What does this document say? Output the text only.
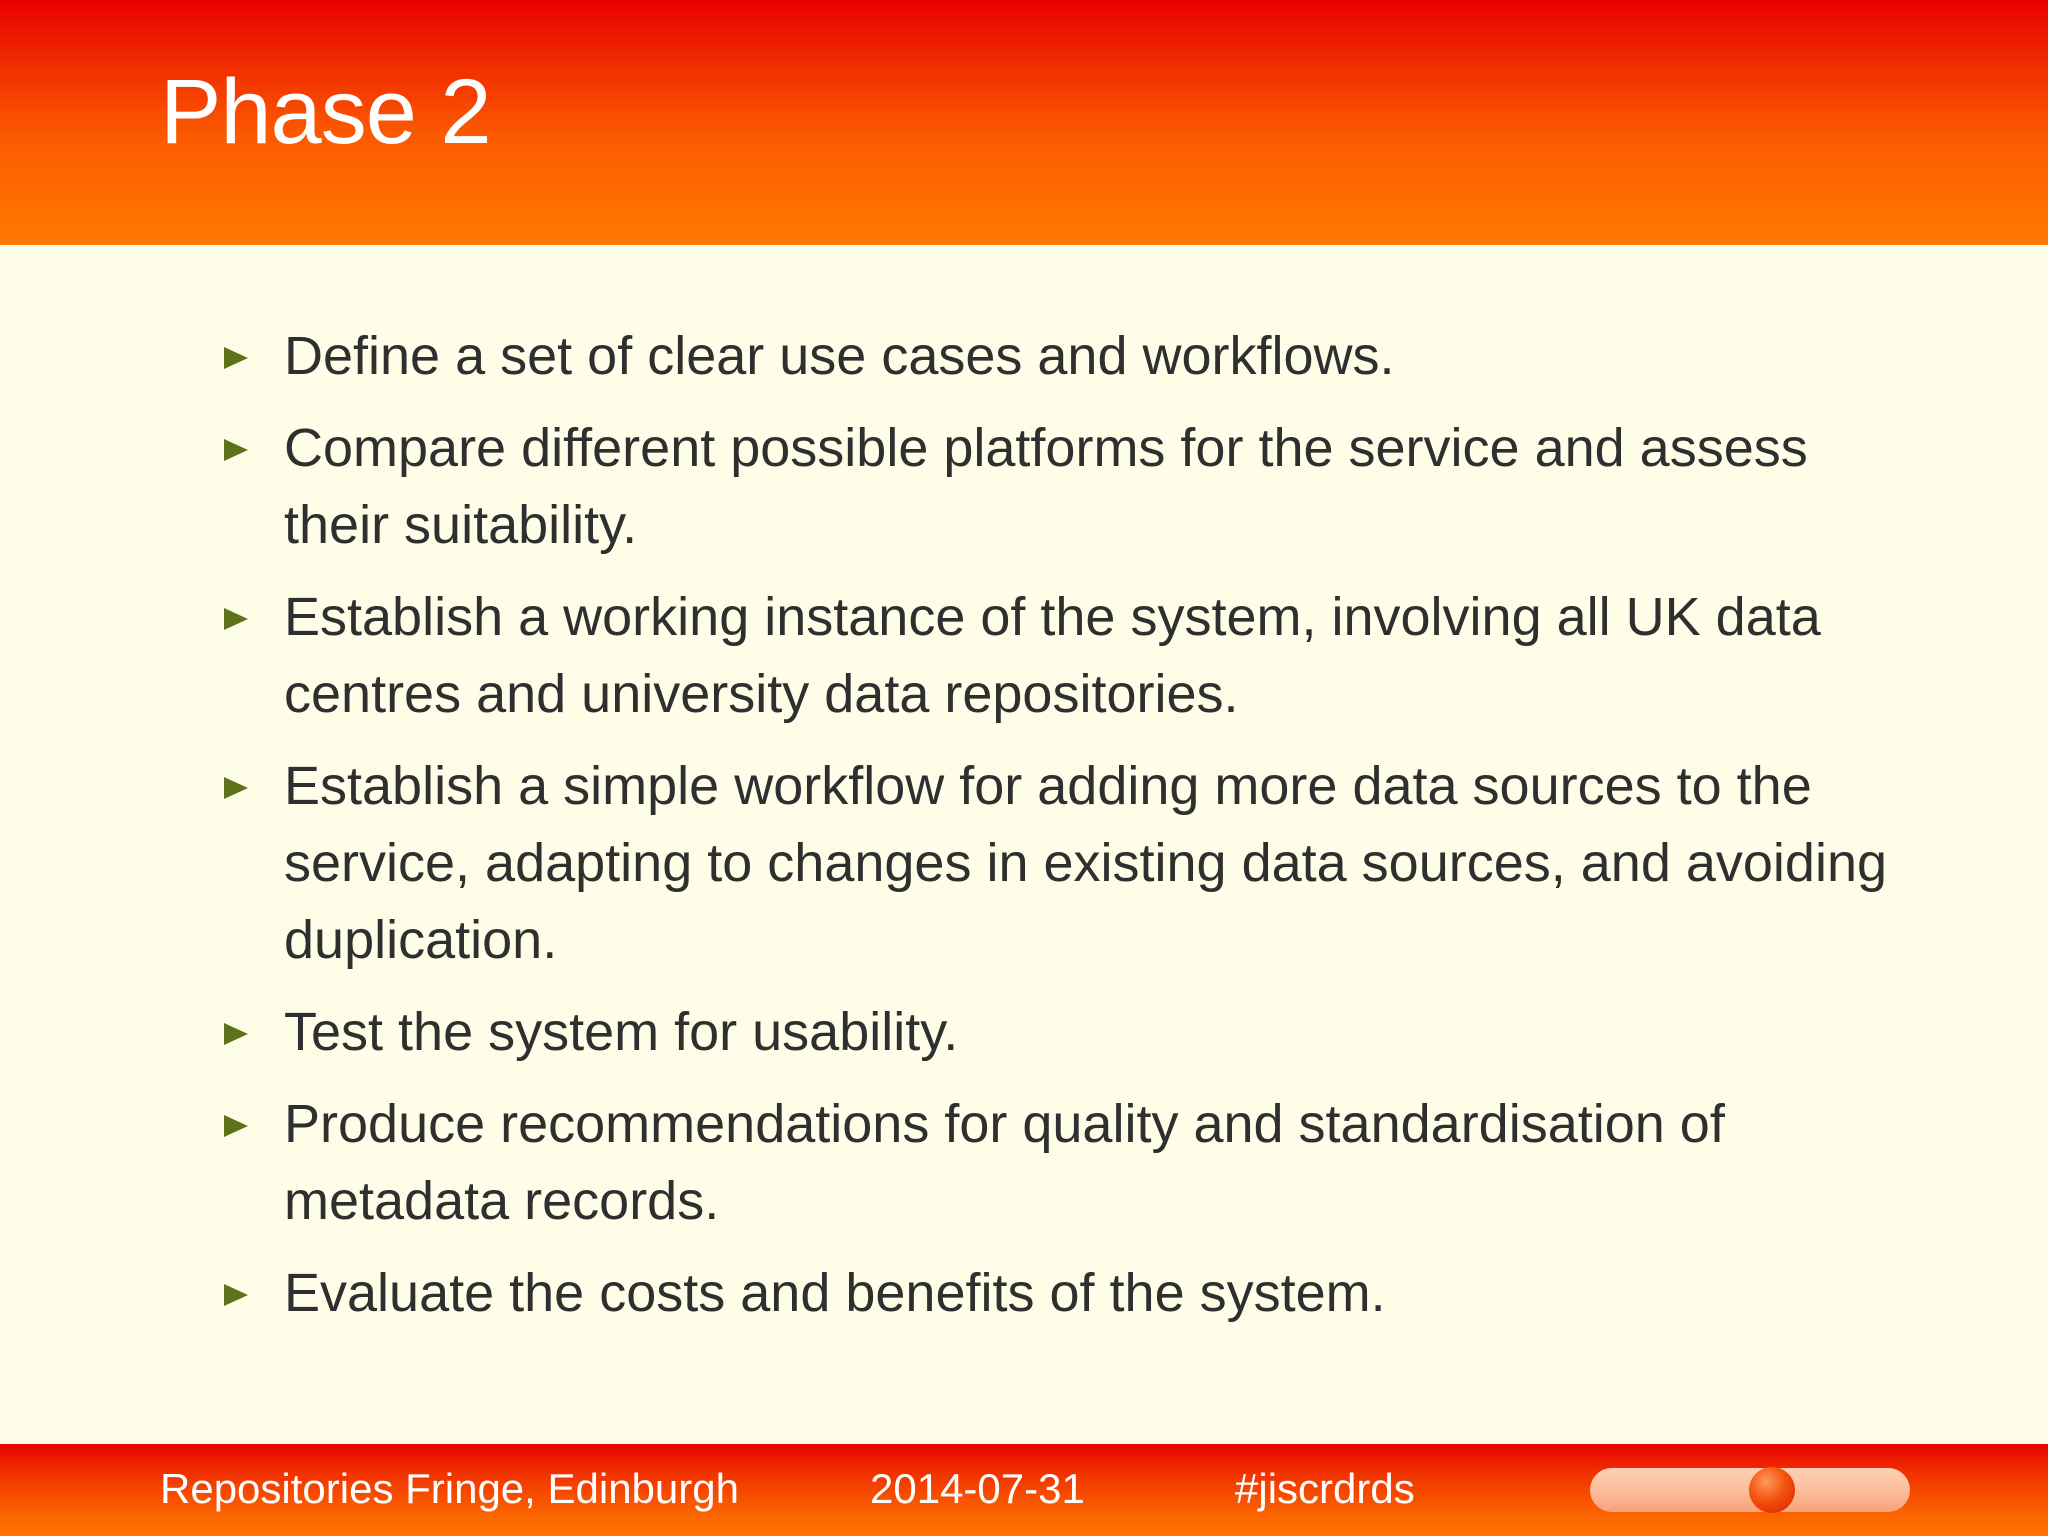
Phase 2
Define a set of clear use cases and workflows.
Compare different possible platforms for the service and assess their suitability.
Establish a working instance of the system, involving all UK data centres and university data repositories.
Establish a simple workflow for adding more data sources to the service, adapting to changes in existing data sources, and avoiding duplication.
Test the system for usability.
Produce recommendations for quality and standardisation of metadata records.
Evaluate the costs and benefits of the system.
Repositories Fringe, Edinburgh	2014-07-31	#jiscrdrds
